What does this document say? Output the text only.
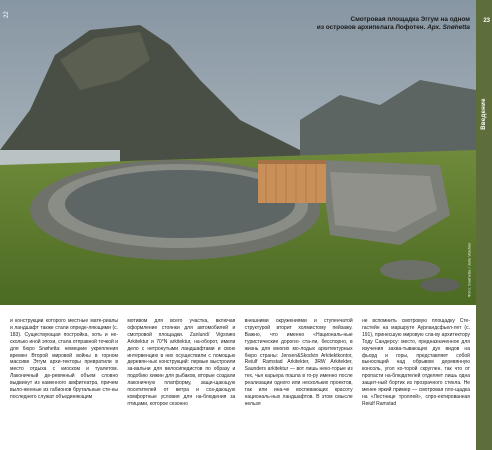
22
Смотровая площадка Эггум на одном
из островов архипелага Лофотен. Арх. Snøhetta
Фото: Snøhetta / Jarle Wæhler
23
Введение
и конструкции которого местные мате-риалы и ландшафт также стали опреде-ляющими (с. 183). Существующая постройка, хоть и не-сколько иной эпохи, стала отправной точкой и для бюро Snøhetta: немецкие укрепления времен Второй мировой войны в горном массиве Эггум архи-текторы превратили в место отдыха с киоском и туалетом. Лаконичный де-ревянный объем словно выдвинут из каменного амфитеатра, причем выло-женные из габионов брутальные сте-ны последнего служат объединяющим
мотивом для всего участка, включая оформление стоянки для автомобилей и смотровой площадки. Zanlund/ Vigsnæs Arkitektur и 70°N arkitektur, на-оборот, имели дело с нетронутыми ландшафтами и свою интервенцию в них осуществили с помощью деревян-ных конструкций: первые выстроили за-вальни для велосипедистов по образу и подобию хижин для рыбаков, вторые создали лаконичную платформу, защи-щающую посетителей от ветра и соз-дающую комфортные условия для на-блюдения за птицами, которое сезонно
внешними окружениями и ступенчатой структурой вторит холмистому пейзажу. Важно, что именно «Националь-ные туристические дороги» ста-ли, бесспорно, в жизнь для многих мо-лодых архитектурных бюро страны: Jensen&Skodvin Arkitektkontor, Reiulf Ramstad Arkitekter, 3RW Arkitekter, Saunders arkitektur — вот лишь неко-торые из тех, чья карьера пошла в го-ру именно после реализации одного или нескольких проектов, так или ина-че воспевающих красоту националь-ных ландшафтов. В этом смысле нельзя
не вспомнить смотровую площадку Сте-гастейн на маршруте Аурландсфьел-лет (с. 191), принесшую мировую сла-ву архитектору Тоду Сандерсу: место, предназначенное для изучения захва-тывающих дух видов на фьорд и горы, представляет собой выносящий над обрывом деревянную консоль, угол ко-торой скруглен, так что от пропасти на-блюдателей отделяет лишь одна защит-ный бортик из прозрачного стекла. Не менее яркий пример — смотровая пло-щадка на «Лестнице троллей», спро-ектированная Reiulf Ramstad
